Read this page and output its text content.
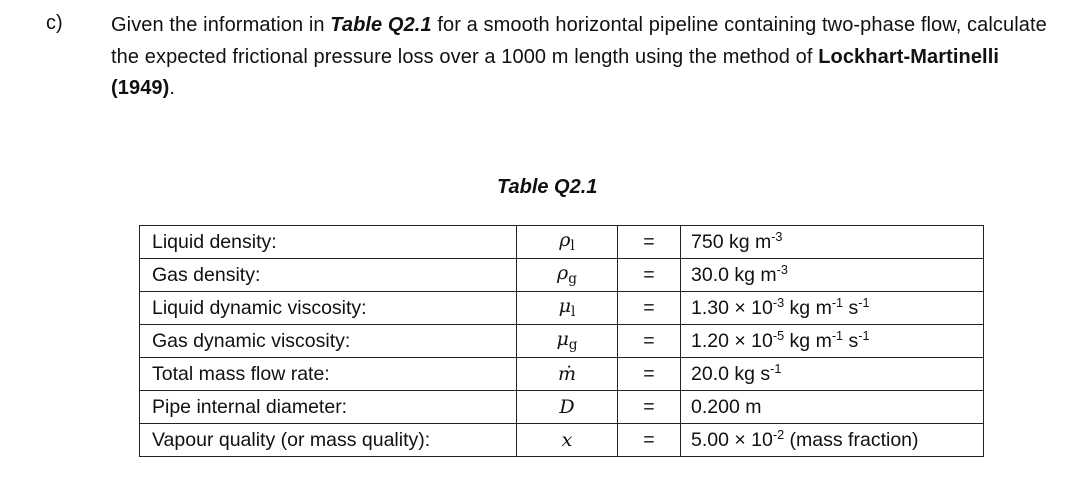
c) Given the information in Table Q2.1 for a smooth horizontal pipeline containing two-phase flow, calculate the expected frictional pressure loss over a 1000 m length using the method of Lockhart-Martinelli (1949).
Table Q2.1
Liquid density:	$\rho_l$	=	750 kg $m^{-3}$
Gas density:	$\rho_g$	=	30.0 kg $m^{-3}$
Liquid dynamic viscosity:	$\mu_l$	=	$1.30 \times 10^{-3}$ kg $m^{-1}$ $s^{-1}$
Gas dynamic viscosity:	$\mu_g$	=	$1.20 \times 10^{-5}$ kg $m^{-1}$ $s^{-1}$
Total mass flow rate:	ṁ	=	20.0 kg $s^{-1}$
Pipe internal diameter:	D	=	0.200 m
Vapour quality (or mass quality):	x	=	$5.00 \times 10^{-2}$ (mass fraction)
